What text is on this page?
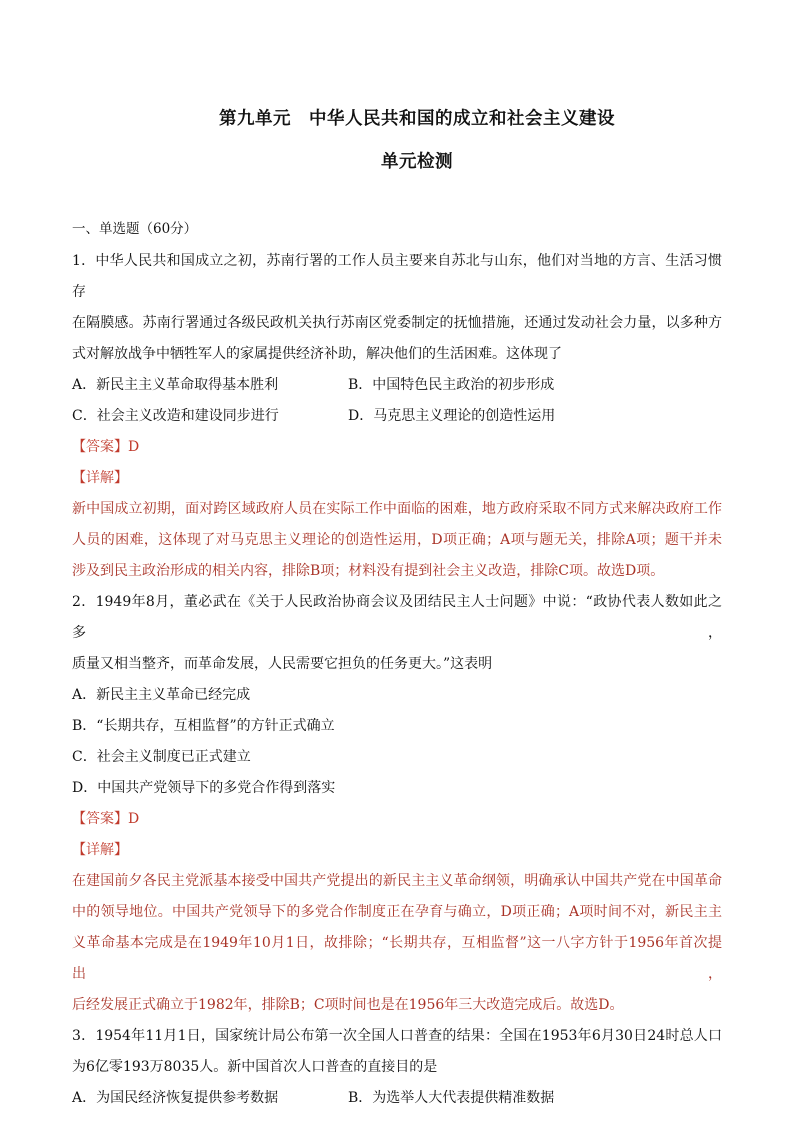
第九单元　中华人民共和国的成立和社会主义建设
单元检测
一、单选题（60分）

1．中华人民共和国成立之初，苏南行署的工作人员主要来自苏北与山东，他们对当地的方言、生活习惯存

在隔膜感。苏南行署通过各级民政机关执行苏南区党委制定的抚恤措施，还通过发动社会力量，以多种方

式对解放战争中牺牲军人的家属提供经济补助，解决他们的生活困难。这体现了

A．新民主主义革命取得基本胜利	B．中国特色民主政治的初步形成
C．社会主义改造和建设同步进行	D．马克思主义理论的创造性运用

【答案】D

【详解】

新中国成立初期，面对跨区域政府人员在实际工作中面临的困难，地方政府采取不同方式来解决政府工作

人员的困难，这体现了对马克思主义理论的创造性运用，D项正确；A项与题无关，排除A项；题干并未

涉及到民主政治形成的相关内容，排除B项；材料没有提到社会主义改造，排除C项。故选D项。

2．1949年8月，董必武在《关于人民政治协商会议及团结民主人士问题》中说：“政协代表人数如此之多，

质量又相当整齐，而革命发展，人民需要它担负的任务更大。”这表明

A．新民主主义革命已经完成

B．“长期共存，互相监督”的方针正式确立

C．社会主义制度已正式建立

D．中国共产党领导下的多党合作得到落实

【答案】D

【详解】

在建国前夕各民主党派基本接受中国共产党提出的新民主主义革命纲领，明确承认中国共产党在中国革命

中的领导地位。中国共产党领导下的多党合作制度正在孕育与确立，D项正确；A项时间不对，新民主主

义革命基本完成是在1949年10月1日，故排除；“长期共存，互相监督”这一八字方针于1956年首次提出，

后经发展正式确立于1982年，排除B；C项时间也是在1956年三大改造完成后。故选D。

3．1954年11月1日，国家统计局公布第一次全国人口普查的结果：全国在1953年6月30日24时总人口

为6亿零193万8035人。新中国首次人口普查的直接目的是

A．为国民经济恢复提供参考数据	B．为选举人大代表提供精准数据
